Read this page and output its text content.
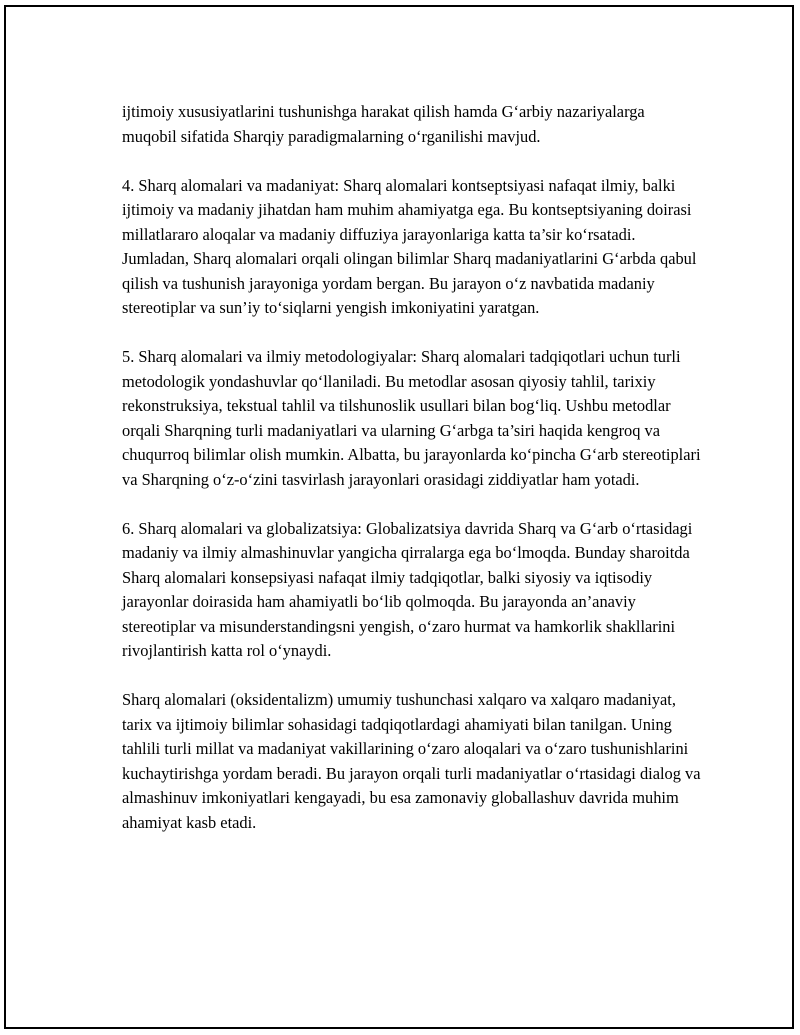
ijtimoiy xususiyatlarini tushunishga harakat qilish hamda G‘arbiy nazariyalarga muqobil sifatida Sharqiy paradigmalarning o‘rganilishi mavjud.

4. Sharq alomalari va madaniyat: Sharq alomalari kontseptsiyasi nafaqat ilmiy, balki ijtimoiy va madaniy jihatdan ham muhim ahamiyatga ega. Bu kontseptsiyaning doirasi millatlararo aloqalar va madaniy diffuziya jarayonlariga katta ta’sir ko‘rsatadi. Jumladan, Sharq alomalari orqali olingan bilimlar Sharq madaniyatlarini G‘arbda qabul qilish va tushunish jarayoniga yordam bergan. Bu jarayon o‘z navbatida madaniy stereotiplar va sun’iy to‘siqlarni yengish imkoniyatini yaratgan.

5. Sharq alomalari va ilmiy metodologiyalar: Sharq alomalari tadqiqotlari uchun turli metodologik yondashuvlar qo‘llaniladi. Bu metodlar asosan qiyosiy tahlil, tarixiy rekonstruksiya, tekstual tahlil va tilshunoslik usullari bilan bog‘liq. Ushbu metodlar orqali Sharqning turli madaniyatlari va ularning G‘arbga ta’siri haqida kengroq va chuqurroq bilimlar olish mumkin. Albatta, bu jarayonlarda ko‘pincha G‘arb stereotiplari va Sharqning o‘z-o‘zini tasvirlash jarayonlari orasidagi ziddiyatlar ham yotadi.

6. Sharq alomalari va globalizatsiya: Globalizatsiya davrida Sharq va G‘arb o‘rtasidagi madaniy va ilmiy almashinuvlar yangicha qirralarga ega bo‘lmoqda. Bunday sharoitda Sharq alomalari konsepsiyasi nafaqat ilmiy tadqiqotlar, balki siyosiy va iqtisodiy jarayonlar doirasida ham ahamiyatli bo‘lib qolmoqda. Bu jarayonda an’anaviy stereotiplar va misunderstandingsni yengish, o‘zaro hurmat va hamkorlik shakllarini rivojlantirish katta rol o‘ynaydi.

Sharq alomalari (oksidentalizm) umumiy tushunchasi xalqaro va xalqaro madaniyat, tarix va ijtimoiy bilimlar sohasidagi tadqiqotlardagi ahamiyati bilan tanilgan. Uning tahlili turli millat va madaniyat vakillarining o‘zaro aloqalari va o‘zaro tushunishlarini kuchaytirishga yordam beradi. Bu jarayon orqali turli madaniyatlar o‘rtasidagi dialog va almashinuv imkoniyatlari kengayadi, bu esa zamonaviy globallashuv davrida muhim ahamiyat kasb etadi.
